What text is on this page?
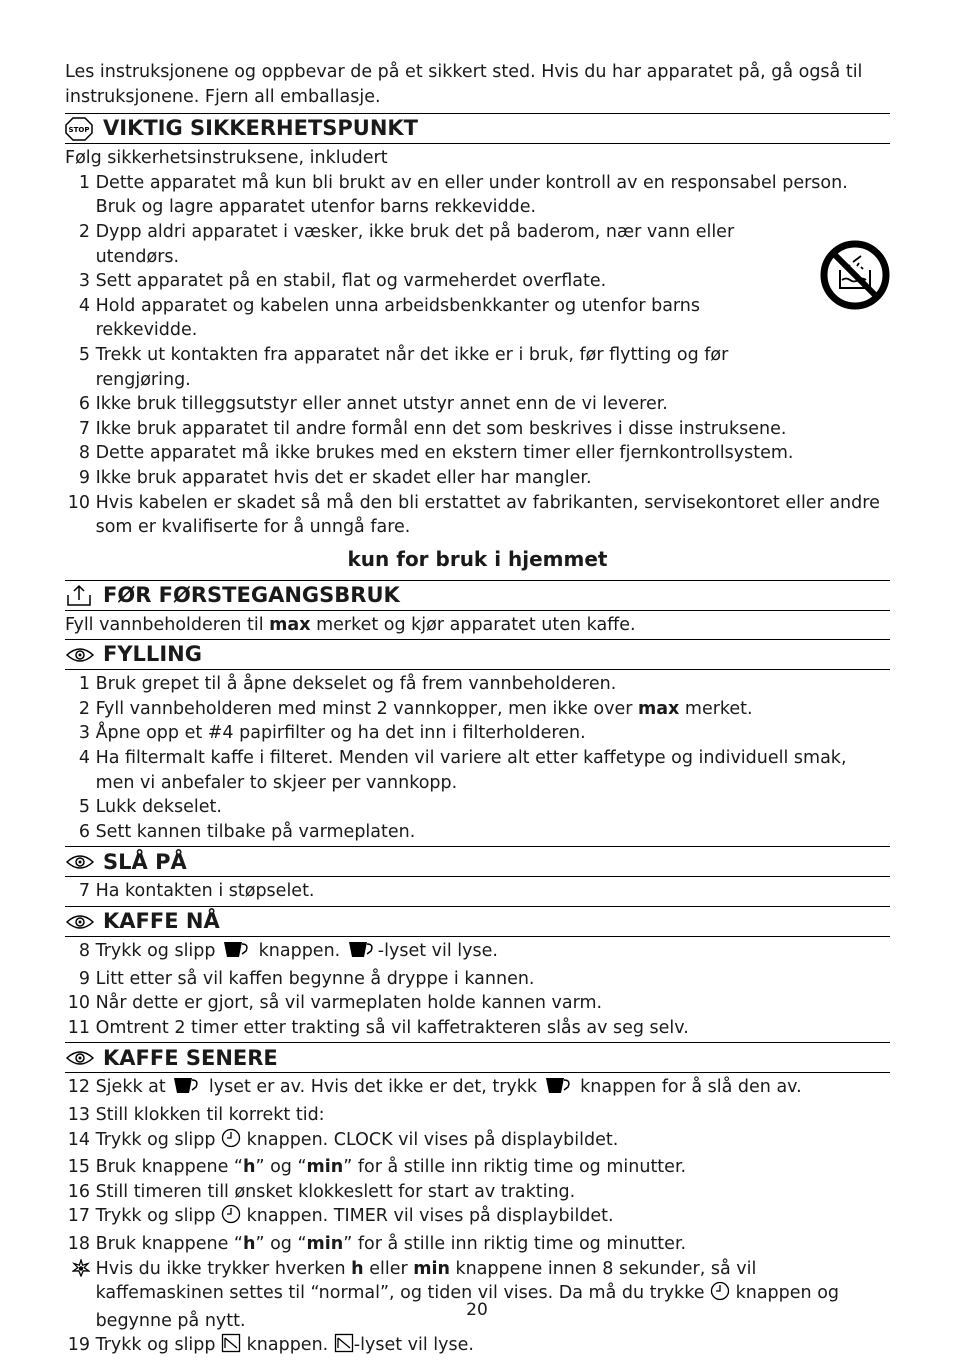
Les instruksjonene og oppbevar de på et sikkert sted. Hvis du har apparatet på, gå også til instruksjonene. Fjern all emballasje.

STOP VIKTIG SIKKERHETSPUNKT
Følg sikkerhetsinstruksene, inkludert
1
Dette apparatet må kun bli brukt av en eller under kontroll av en responsabel person. Bruk og lagre apparatet utenfor barns rekkevidde.
2
Dypp aldri apparatet i væsker, ikke bruk det på baderom, nær vann eller utendørs.
3
Sett apparatet på en stabil, flat og varmeherdet overflate.
4
Hold apparatet og kabelen unna arbeidsbenkkanter og utenfor barns rekkevidde.
5
Trekk ut kontakten fra apparatet når det ikke er i bruk, før flytting og før rengjøring.
6
Ikke bruk tilleggsutstyr eller annet utstyr annet enn de vi leverer.
7
Ikke bruk apparatet til andre formål enn det som beskrives i disse instruksene.
8
Dette apparatet må ikke brukes med en ekstern timer eller fjernkontrollsystem.
9
Ikke bruk apparatet hvis det er skadet eller har mangler.
10
Hvis kabelen er skadet så må den bli erstattet av fabrikanten, servisekontoret eller andre som er kvalifiserte for å unngå fare.
kun for bruk i hjemmet
FØR FØRSTEGANGSBRUK
Fyll vannbeholderen til max merket og kjør apparatet uten kaffe.
FYLLING
1
Bruk grepet til å åpne dekselet og få frem vannbeholderen.
2
Fyll vannbeholderen med minst 2 vannkopper, men ikke over max merket.
3
Åpne opp et #4 papirfilter og ha det inn i filterholderen.
4
Ha filtermalt kaffe i filteret. Menden vil variere alt etter kaffetype og individuell smak, men vi anbefaler to skjeer per vannkopp.
5
Lukk dekselet.
6
Sett kannen tilbake på varmeplaten.
SLÅ PÅ
7
Ha kontakten i støpselet.
KAFFE NÅ
8
Trykk og slipp  knappen. -lyset vil lyse.
9
Litt etter så vil kaffen begynne å dryppe i kannen.
10
Når dette er gjort, så vil varmeplaten holde kannen varm.
11
Omtrent 2 timer etter trakting så vil kaffetrakteren slås av seg selv.
KAFFE SENERE
12
Sjekk at  lyset er av. Hvis det ikke er det, trykk  knappen for å slå den av.
13
Still klokken til korrekt tid:
14
Trykk og slipp  knappen. CLOCK vil vises på displaybildet.
15
Bruk knappene “h” og “min” for å stille inn riktig time og minutter.
16
Still timeren till ønsket klokkeslett for start av trakting.
17
Trykk og slipp  knappen. TIMER vil vises på displaybildet.
18
Bruk knappene “h” og “min” for å stille inn riktig time og minutter.

Hvis du ikke trykker hverken h eller min knappene innen 8 sekunder, så vil kaffemaskinen settes til “normal”, og tiden vil vises. Da må du trykke  knappen og begynne på nytt.
19
Trykk og slipp  knappen. -lyset vil lyse.
20
